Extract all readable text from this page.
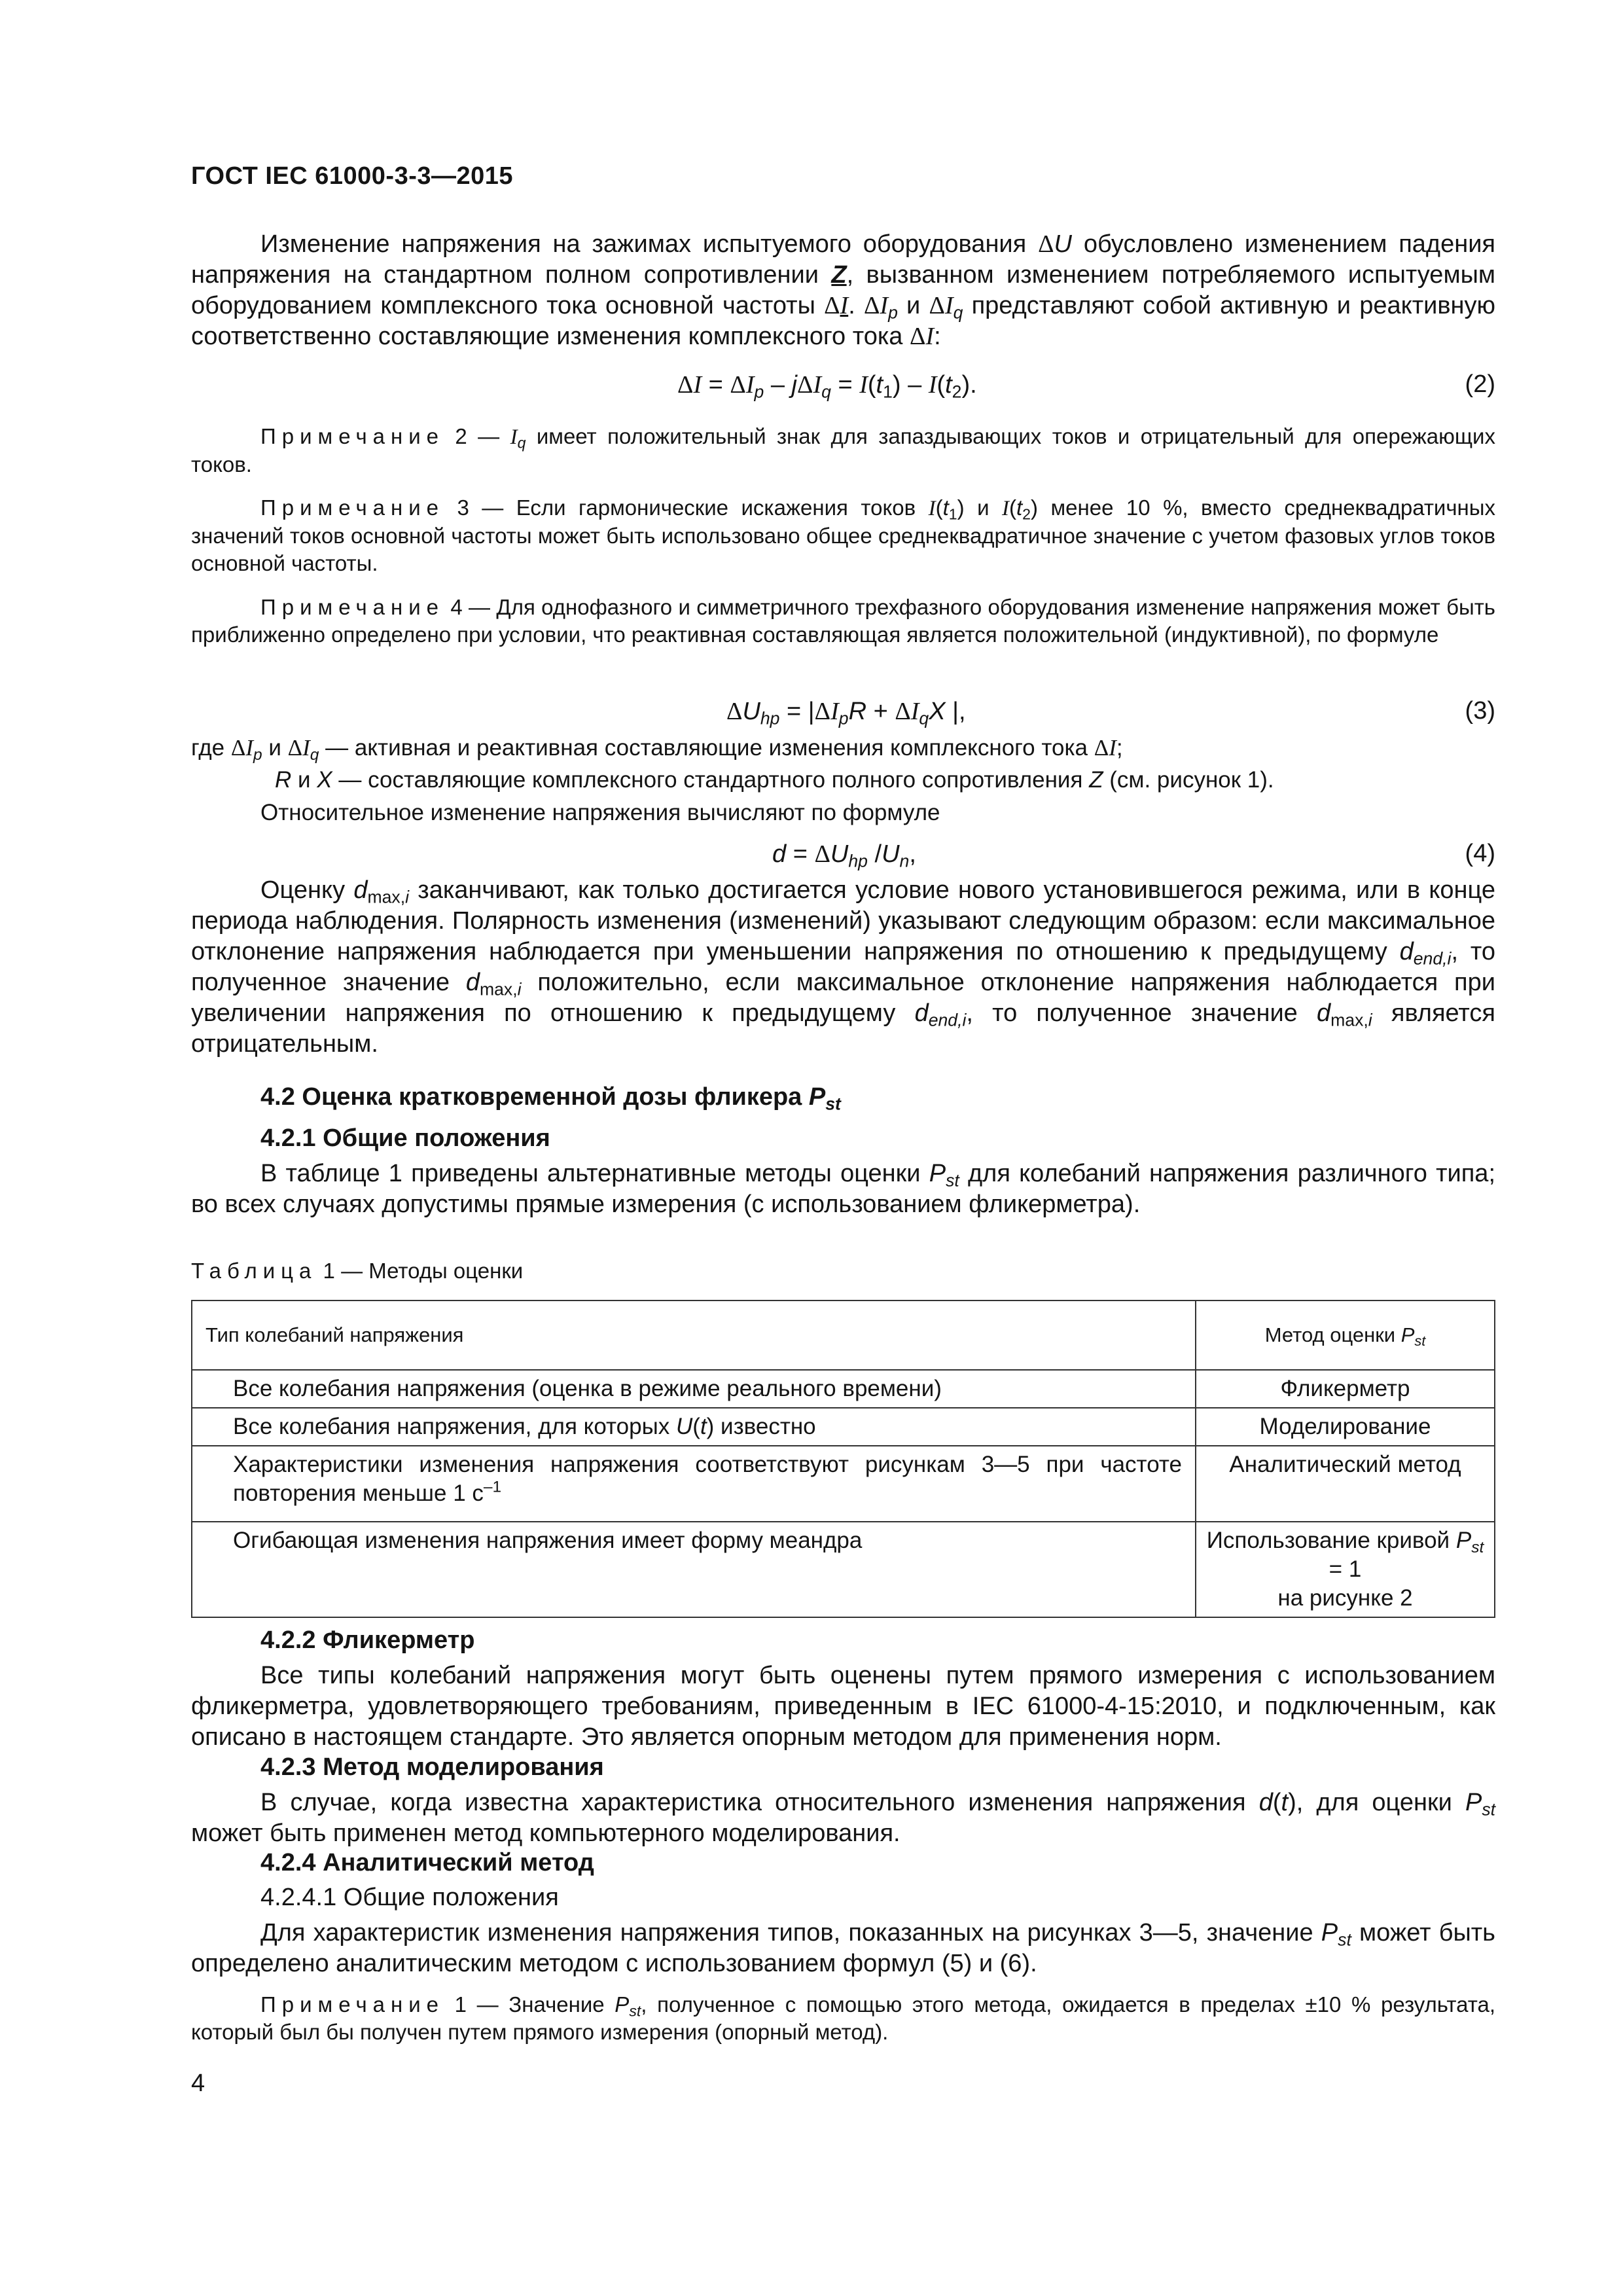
ГОСТ IEC 61000-3-3—2015
Изменение напряжения на зажимах испытуемого оборудования ΔU обусловлено изменением падения напряжения на стандартном полном сопротивлении Z, вызванном изменением потребляемого испытуемым оборудованием комплексного тока основной частоты ΔI. $\Delta I_p$ и $\Delta I_q$ представляют собой активную и реактивную соответственно составляющие изменения комплексного тока ΔI:
$\Delta I = \Delta I_p - j\Delta I_q = I(t_1) - I(t_2)$.	(2)
Примечание 2 — $I_q$ имеет положительный знак для запаздывающих токов и отрицательный для опережающих токов.
Примечание 3 — Если гармонические искажения токов $I(t_1)$ и $I(t_2)$ менее 10 %, вместо среднеквадратичных значений токов основной частоты может быть использовано общее среднеквадратичное значение с учетом фазовых углов токов основной частоты.
Примечание 4 — Для однофазного и симметричного трехфазного оборудования изменение напряжения может быть приближенно определено при условии, что реактивная составляющая является положительной (индуктивной), по формуле
$\Delta U_{hp} = |\Delta I_pR + \Delta I_qX$ |,	(3)
где $\Delta I_p$ и $\Delta I_q$ — активная и реактивная составляющие изменения комплексного тока ΔI;
R и X — составляющие комплексного стандартного полного сопротивления Z (см. рисунок 1).
Относительное изменение напряжения вычисляют по формуле
$d = \Delta U_{hp}$ $/U_n$,	(4)
Оценку $d_{max,i}$ заканчивают, как только достигается условие нового установившегося режима, или в конце периода наблюдения. Полярность изменения (изменений) указывают следующим образом: если максимальное отклонение напряжения наблюдается при уменьшении напряжения по отношению к предыдущему $d_{end,i}$, то полученное значение $d_{max,i}$ положительно, если максимальное отклонение напряжения наблюдается при увеличении напряжения по отношению к предыдущему $d_{end,i}$, то полученное значение $d_{max,i}$ является отрицательным.
4.2 Оценка кратковременной дозы фликера $P_{st}$
4.2.1 Общие положения
В таблице 1 приведены альтернативные методы оценки $P_{st}$ для колебаний напряжения различного типа; во всех случаях допустимы прямые измерения (с использованием фликерметра).
Таблица 1 — Методы оценки
Тип колебаний напряжения	Метод оценки $P_{st}$
Все колебания напряжения (оценка в режиме реального времени)	Фликерметр
Все колебания напряжения, для которых U(t) известно	Моделирование
Характеристики изменения напряжения соответствуют рисункам 3—5 при частоте повторения меньше 1 $с^{-1}$	Аналитический метод
Огибающая изменения напряжения имеет форму меандра	Использование кривой $P_{st} = 1$
на рисунке 2
4.2.2 Фликерметр
Все типы колебаний напряжения могут быть оценены путем прямого измерения с использованием фликерметра, удовлетворяющего требованиям, приведенным в IEC 61000-4-15:2010, и подключенным, как описано в настоящем стандарте. Это является опорным методом для применения норм.
4.2.3 Метод моделирования
В случае, когда известна характеристика относительного изменения напряжения d(t), для оценки $P_{st}$ может быть применен метод компьютерного моделирования.
4.2.4 Аналитический метод
4.2.4.1 Общие положения
Для характеристик изменения напряжения типов, показанных на рисунках 3—5, значение $P_{st}$ может быть определено аналитическим методом с использованием формул (5) и (6).
Примечание 1 — Значение $P_{st}$, полученное с помощью этого метода, ожидается в пределах ±10 % результата, который был бы получен путем прямого измерения (опорный метод).
4
